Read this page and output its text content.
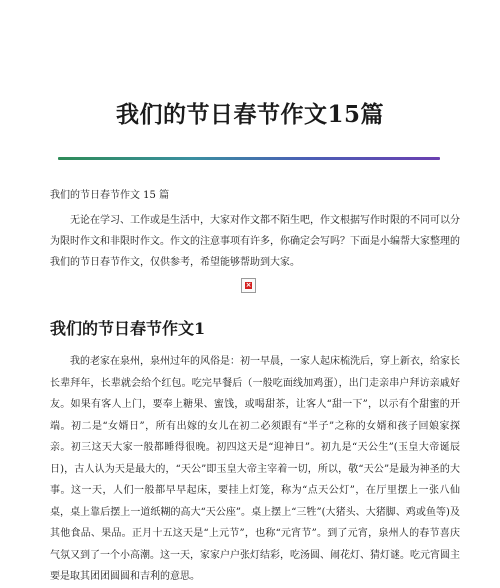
我们的节日春节作文15篇
我们的节日春节作文 15 篇

无论在学习、工作或是生活中，大家对作文都不陌生吧，作文根据写作时限的不同可以分为限时作文和非限时作文。作文的注意事项有许多，你确定会写吗？下面是小编帮大家整理的我们的节日春节作文，仅供参考，希望能够帮助到大家。

×
我们的节日春节作文1

我的老家在泉州，泉州过年的风俗是：初一早晨，一家人起床梳洗后，穿上新衣，给家长长辈拜年，长辈就会给个红包。吃完早餐后（一般吃面线加鸡蛋），出门走亲串户拜访亲戚好友。如果有客人上门，要奉上糖果、蜜饯，或喝甜茶，让客人“甜一下”，以示有个甜蜜的开端。初二是“女婿日”，所有出嫁的女儿在初二必须跟有“半子”之称的女婿和孩子回娘家探亲。初三这天大家一般都睡得很晚。初四这天是“迎神日”。初九是“天公生”(玉皇大帝诞辰日)，古人认为天是最大的，“天公”即玉皇大帝主宰着一切，所以，敬“天公”是最为神圣的大事。这一天，人们一般都早早起床，要挂上灯笼，称为“点天公灯”，在厅里摆上一张八仙桌，桌上靠后摆上一道纸糊的高大“天公座”。桌上摆上“三牲”(大猪头、大猪脚、鸡或鱼等)及其他食品、果品。正月十五这天是“上元节”，也称“元宵节”。到了元宵，泉州人的春节喜庆气氛又到了一个小高潮。这一天，家家户户张灯结彩，吃汤圆、闹花灯、猜灯谜。吃元宵圆主要是取其团团圆圆和吉利的意思。
